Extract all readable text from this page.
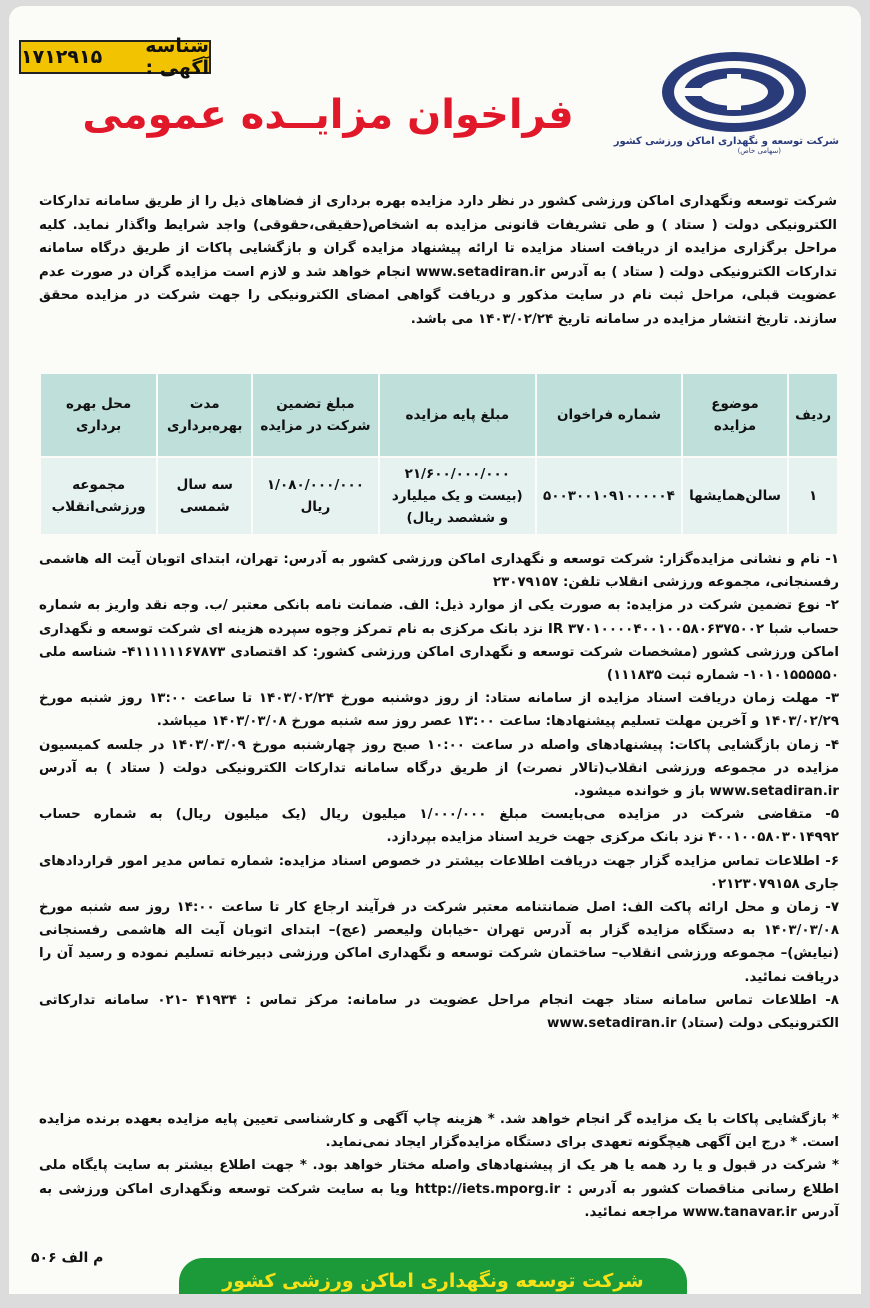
شناسه آگهی :
۱۷۱۲۹۱۵
شرکت توسعه و نگهداری اماکن ورزشی کشور
(سهامی خاص)
فراخوان مزایــده عمومی
شرکت توسعه ونگهداری اماکن ورزشی کشور در نظر دارد مزایده بهره برداری از فضاهای ذیل را از طریق سامانه تدارکات الکترونیکی دولت ( ستاد ) و طی تشریفات قانونی مزایده به اشخاص(حقیقی،حقوقی) واجد شرایط واگذار نماید. کلیه مراحل برگزاری مزایده از دریافت اسناد مزایده تا ارائه پیشنهاد مزایده گران و بازگشایی پاکات از طریق درگاه سامانه تدارکات الکترونیکی دولت ( ستاد ) به آدرس www.setadiran.ir انجام خواهد شد و لازم است مزایده گران در صورت عدم عضویت قبلی، مراحل ثبت نام در سایت مذکور و دریافت گواهی امضای الکترونیکی را جهت شرکت در مزایده محقق سازند. تاریخ انتشار مزایده در سامانه تاریخ ۱۴۰۳/۰۲/۲۴ می باشد.
ردیف	موضوع مزایده	شماره فراخوان	مبلغ پایه مزایده	مبلغ تضمین شرکت در مزایده	مدت بهره‌برداری	محل بهره برداری
۱	سالن‌همایشها	۵۰۰۳۰۰۱۰۹۱۰۰۰۰۰۴	۲۱/۶۰۰/۰۰۰/۰۰۰ (بیست و یک میلیارد و ششصد ریال)	۱/۰۸۰/۰۰۰/۰۰۰ ریال	سه سال شمسی	مجموعه ورزشی‌انقلاب

۱- نام و نشانی مزایده‌گزار: شرکت توسعه و نگهداری اماکن ورزشی کشور به آدرس: تهران، ابتدای اتوبان آیت اله هاشمی رفسنجانی، مجموعه ورزشی انقلاب تلفن: ۲۳۰۷۹۱۵۷

۲- نوع تضمین شرکت در مزایده: به صورت یکی از موارد ذیل: الف. ضمانت نامه بانکی معتبر /ب. وجه نقد واریز به شماره حساب شبا IR ۳۷۰۱۰۰۰۰۴۰۰۱۰۰۵۸۰۶۳۷۵۰۰۲ نزد بانک مرکزی به نام تمرکز وجوه سپرده هزینه ای شرکت توسعه و نگهداری اماکن ورزشی کشور (مشخصات شرکت توسعه و نگهداری اماکن ورزشی کشور: کد اقتصادی ۴۱۱۱۱۱۱۶۷۸۷۳- شناسه ملی ۱۰۱۰۱۵۵۵۵۵۰- شماره ثبت ۱۱۱۸۳۵)

۳- مهلت زمان دریافت اسناد مزایده از سامانه ستاد: از روز دوشنبه مورخ ۱۴۰۳/۰۲/۲۴ تا ساعت ۱۳:۰۰ روز شنبه مورخ ۱۴۰۳/۰۲/۲۹ و آخرین مهلت تسلیم پیشنهادها: ساعت ۱۳:۰۰ عصر روز سه شنبه مورخ ۱۴۰۳/۰۳/۰۸ میباشد.

۴- زمان بازگشایی پاکات: پیشنهادهای واصله در ساعت ۱۰:۰۰ صبح روز چهارشنبه مورخ ۱۴۰۳/۰۳/۰۹ در جلسه کمیسیون مزایده در مجموعه ورزشی انقلاب(تالار نصرت) از طریق درگاه سامانه تدارکات الکترونیکی دولت ( ستاد ) به آدرس www.setadiran.ir باز و خوانده میشود.

۵- متقاضی شرکت در مزایده می‌بایست مبلغ ۱/۰۰۰/۰۰۰ میلیون ریال (یک میلیون ریال) به شماره حساب ۴۰۰۱۰۰۵۸۰۳۰۱۴۹۹۲ نزد بانک مرکزی جهت خرید اسناد مزایده بپردازد.

۶- اطلاعات تماس مزایده گزار جهت دریافت اطلاعات بیشتر در خصوص اسناد مزایده: شماره تماس مدیر امور قراردادهای جاری ۰۲۱۲۳۰۷۹۱۵۸

۷- زمان و محل ارائه پاکت الف: اصل ضمانتنامه معتبر شرکت در فرآیند ارجاع کار تا ساعت ۱۴:۰۰ روز سه شنبه مورخ ۱۴۰۳/۰۳/۰۸ به دستگاه مزایده گزار به آدرس تهران -خیابان ولیعصر (عج)– ابتدای اتوبان آیت اله هاشمی رفسنجانی (نیایش)– مجموعه ورزشی انقلاب– ساختمان شرکت توسعه و نگهداری اماکن ورزشی دبیرخانه تسلیم نموده و رسید آن را دریافت نمائید.

۸- اطلاعات تماس سامانه ستاد جهت انجام مراحل عضویت در سامانه: مرکز تماس : ۴۱۹۳۴ -۰۲۱ سامانه تدارکاتی الکترونیکی دولت (ستاد) www.setadiran.ir

* بازگشایی پاکات با یک مزایده گر انجام خواهد شد. * هزینه چاپ آگهی و کارشناسی تعیین پایه مزایده بعهده برنده مزایده است. * درج این آگهی هیچگونه تعهدی برای دستگاه مزایده‌گزار ایجاد نمی‌نماید.

* شرکت در قبول و یا رد همه یا هر یک از پیشنهادهای واصله مختار خواهد بود. * جهت اطلاع بیشتر به سایت پایگاه ملی اطلاع رسانی مناقصات کشور به آدرس : http://iets.mporg.ir ویا به سایت شرکت توسعه ونگهداری اماکن ورزشی به آدرس www.tanavar.ir مراجعه نمائید.

م الف ۵۰۶
شرکت توسعه ونگهداری اماکن ورزشی کشور
